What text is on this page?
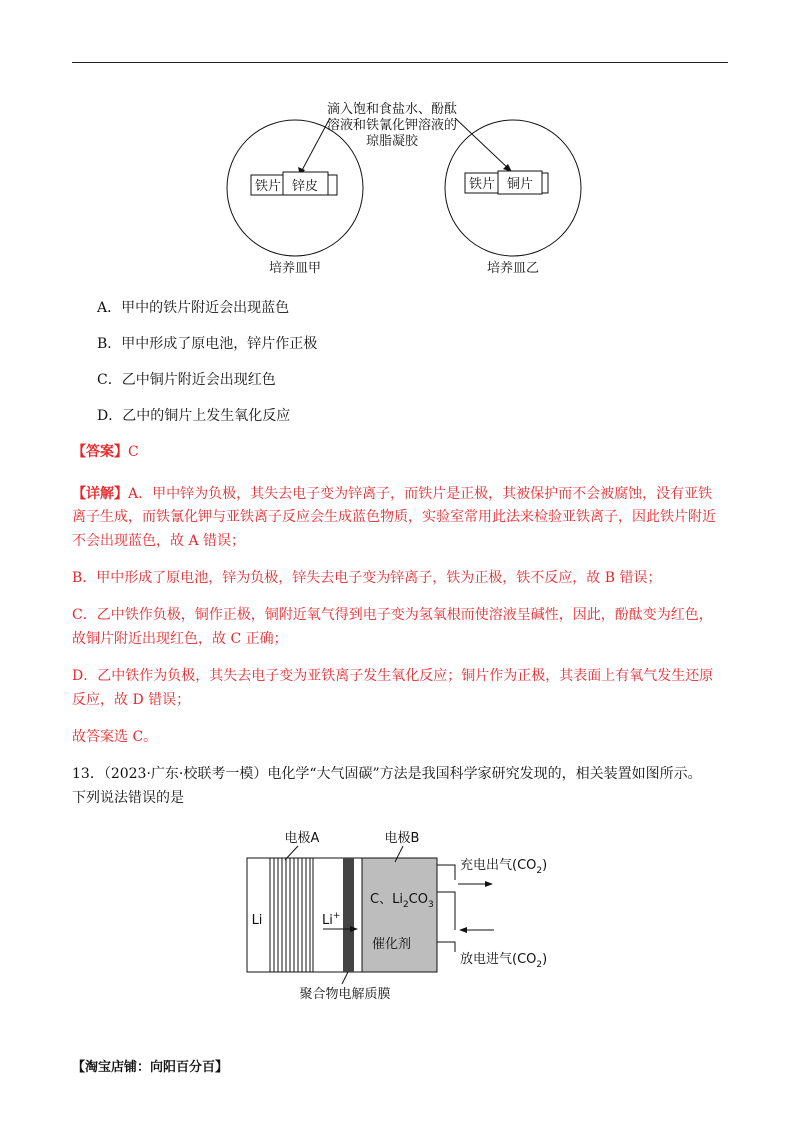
滴入饱和食盐水、酚酞
溶液和铁氰化钾溶液的
琼脂凝胶
铁片 锌皮
培养皿甲
铁片 铜片
培养皿乙
A．甲中的铁片附近会出现蓝色
B．甲中形成了原电池，锌片作正极
C．乙中铜片附近会出现红色
D．乙中的铜片上发生氧化反应
【答案】C
【详解】A．甲中锌为负极，其失去电子变为锌离子，而铁片是正极，其被保护而不会被腐蚀，没有亚铁
离子生成，而铁氰化钾与亚铁离子反应会生成蓝色物质，实验室常用此法来检验亚铁离子，因此铁片附近
不会出现蓝色，故 A 错误；
B．甲中形成了原电池，锌为负极，锌失去电子变为锌离子，铁为正极，铁不反应，故 B 错误；
C．乙中铁作负极，铜作正极，铜附近氧气得到电子变为氢氧根而使溶液呈碱性，因此，酚酞变为红色，
故铜片附近出现红色，故 C 正确；
D．乙中铁作为负极，其失去电子变为亚铁离子发生氧化反应；铜片作为正极，其表面上有氧气发生还原
反应，故 D 错误；
故答案选 C。
13．（2023·广东·校联考一模）电化学“大气固碳”方法是我国科学家研究发现的，相关装置如图所示。
下列说法错误的是
电极A	电极B
Li	Li+
C、$Li_2CO_3$
催化剂
充电出气$(CO_2)$
放电进气$(CO_2)$
聚合物电解质膜
【淘宝店铺：向阳百分百】
